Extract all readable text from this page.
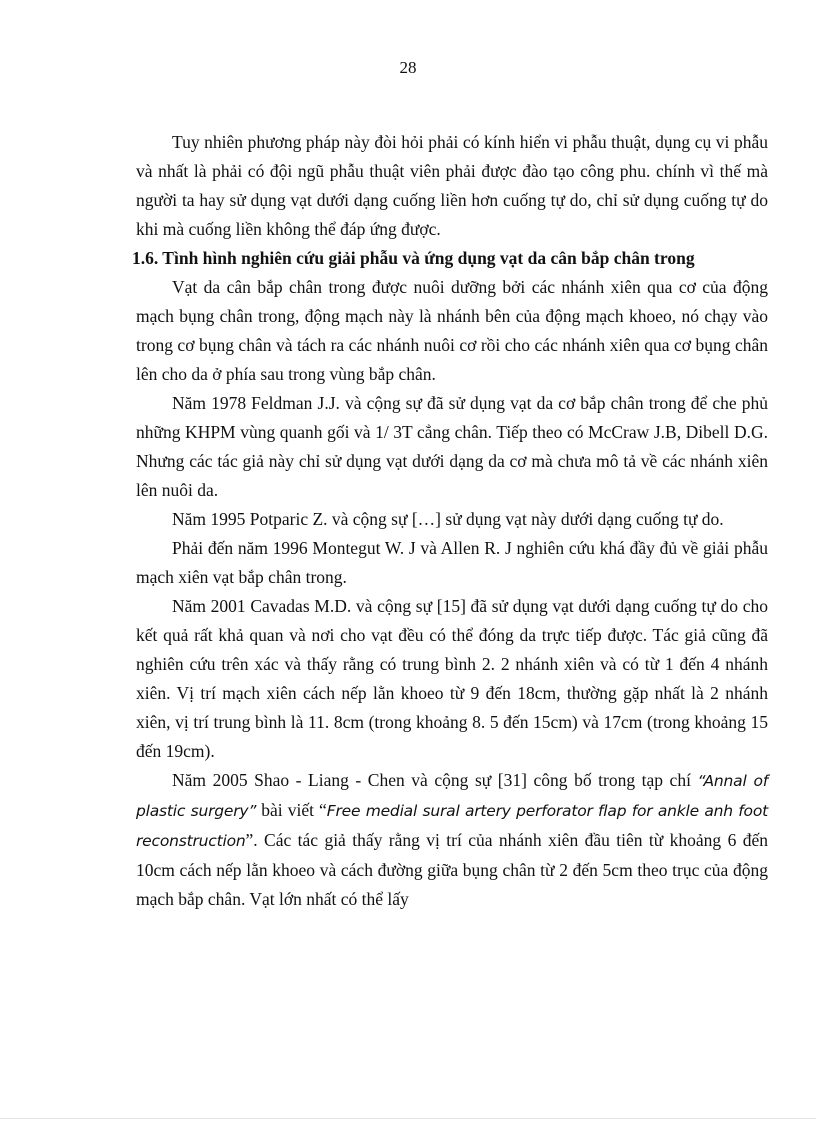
28

Tuy nhiên phương pháp này đòi hỏi phải có kính hiển vi phẫu thuật, dụng cụ vi phẫu và nhất là phải có đội ngũ phẫu thuật viên phải được đào tạo công phu. chính vì thế mà người ta hay sử dụng vạt dưới dạng cuống liền hơn cuống tự do, chỉ sử dụng cuống tự do khi mà cuống liền không thể đáp ứng được.

1.6. Tình hình nghiên cứu giải phẫu và ứng dụng vạt da cân bắp chân trong

Vạt da cân bắp chân trong được nuôi dưỡng bởi các nhánh xiên qua cơ của động mạch bụng chân trong, động mạch này là nhánh bên của động mạch khoeo, nó chạy vào trong cơ bụng chân và tách ra các nhánh nuôi cơ rồi cho các nhánh xiên qua cơ bụng chân lên cho da ở phía sau trong vùng bắp chân.

Năm 1978 Feldman J.J. và cộng sự đã sử dụng vạt da cơ bắp chân trong để che phủ những KHPM vùng quanh gối và 1/ 3T cẳng chân. Tiếp theo có McCraw J.B, Dibell D.G. Nhưng các tác giả này chỉ sử dụng vạt dưới dạng da cơ mà chưa mô tả về các nhánh xiên lên nuôi da.

Năm 1995 Potparic Z. và cộng sự […] sử dụng vạt này dưới dạng cuống tự do.

Phải đến năm 1996 Montegut W. J và Allen R. J nghiên cứu khá đầy đủ về giải phẫu mạch xiên vạt bắp chân trong.

Năm 2001 Cavadas M.D. và cộng sự [15] đã sử dụng vạt dưới dạng cuống tự do cho kết quả rất khả quan và nơi cho vạt đều có thể đóng da trực tiếp được. Tác giả cũng đã nghiên cứu trên xác và thấy rằng có trung bình 2. 2 nhánh xiên và có từ 1 đến 4 nhánh xiên. Vị trí mạch xiên cách nếp lằn khoeo từ 9 đến 18cm, thường gặp nhất là 2 nhánh xiên, vị trí trung bình là 11. 8cm (trong khoảng 8. 5 đến 15cm) và 17cm (trong khoảng 15 đến 19cm).

Năm 2005 Shao - Liang - Chen và cộng sự [31] công bố trong tạp chí “Annal of plastic surgery” bài viết “Free medial sural artery perforator flap for ankle anh foot reconstruction”. Các tác giả thấy rằng vị trí của nhánh xiên đầu tiên từ khoảng 6 đến 10cm cách nếp lằn khoeo và cách đường giữa bụng chân từ 2 đến 5cm theo trục của động mạch bắp chân. Vạt lớn nhất có thể lấy
